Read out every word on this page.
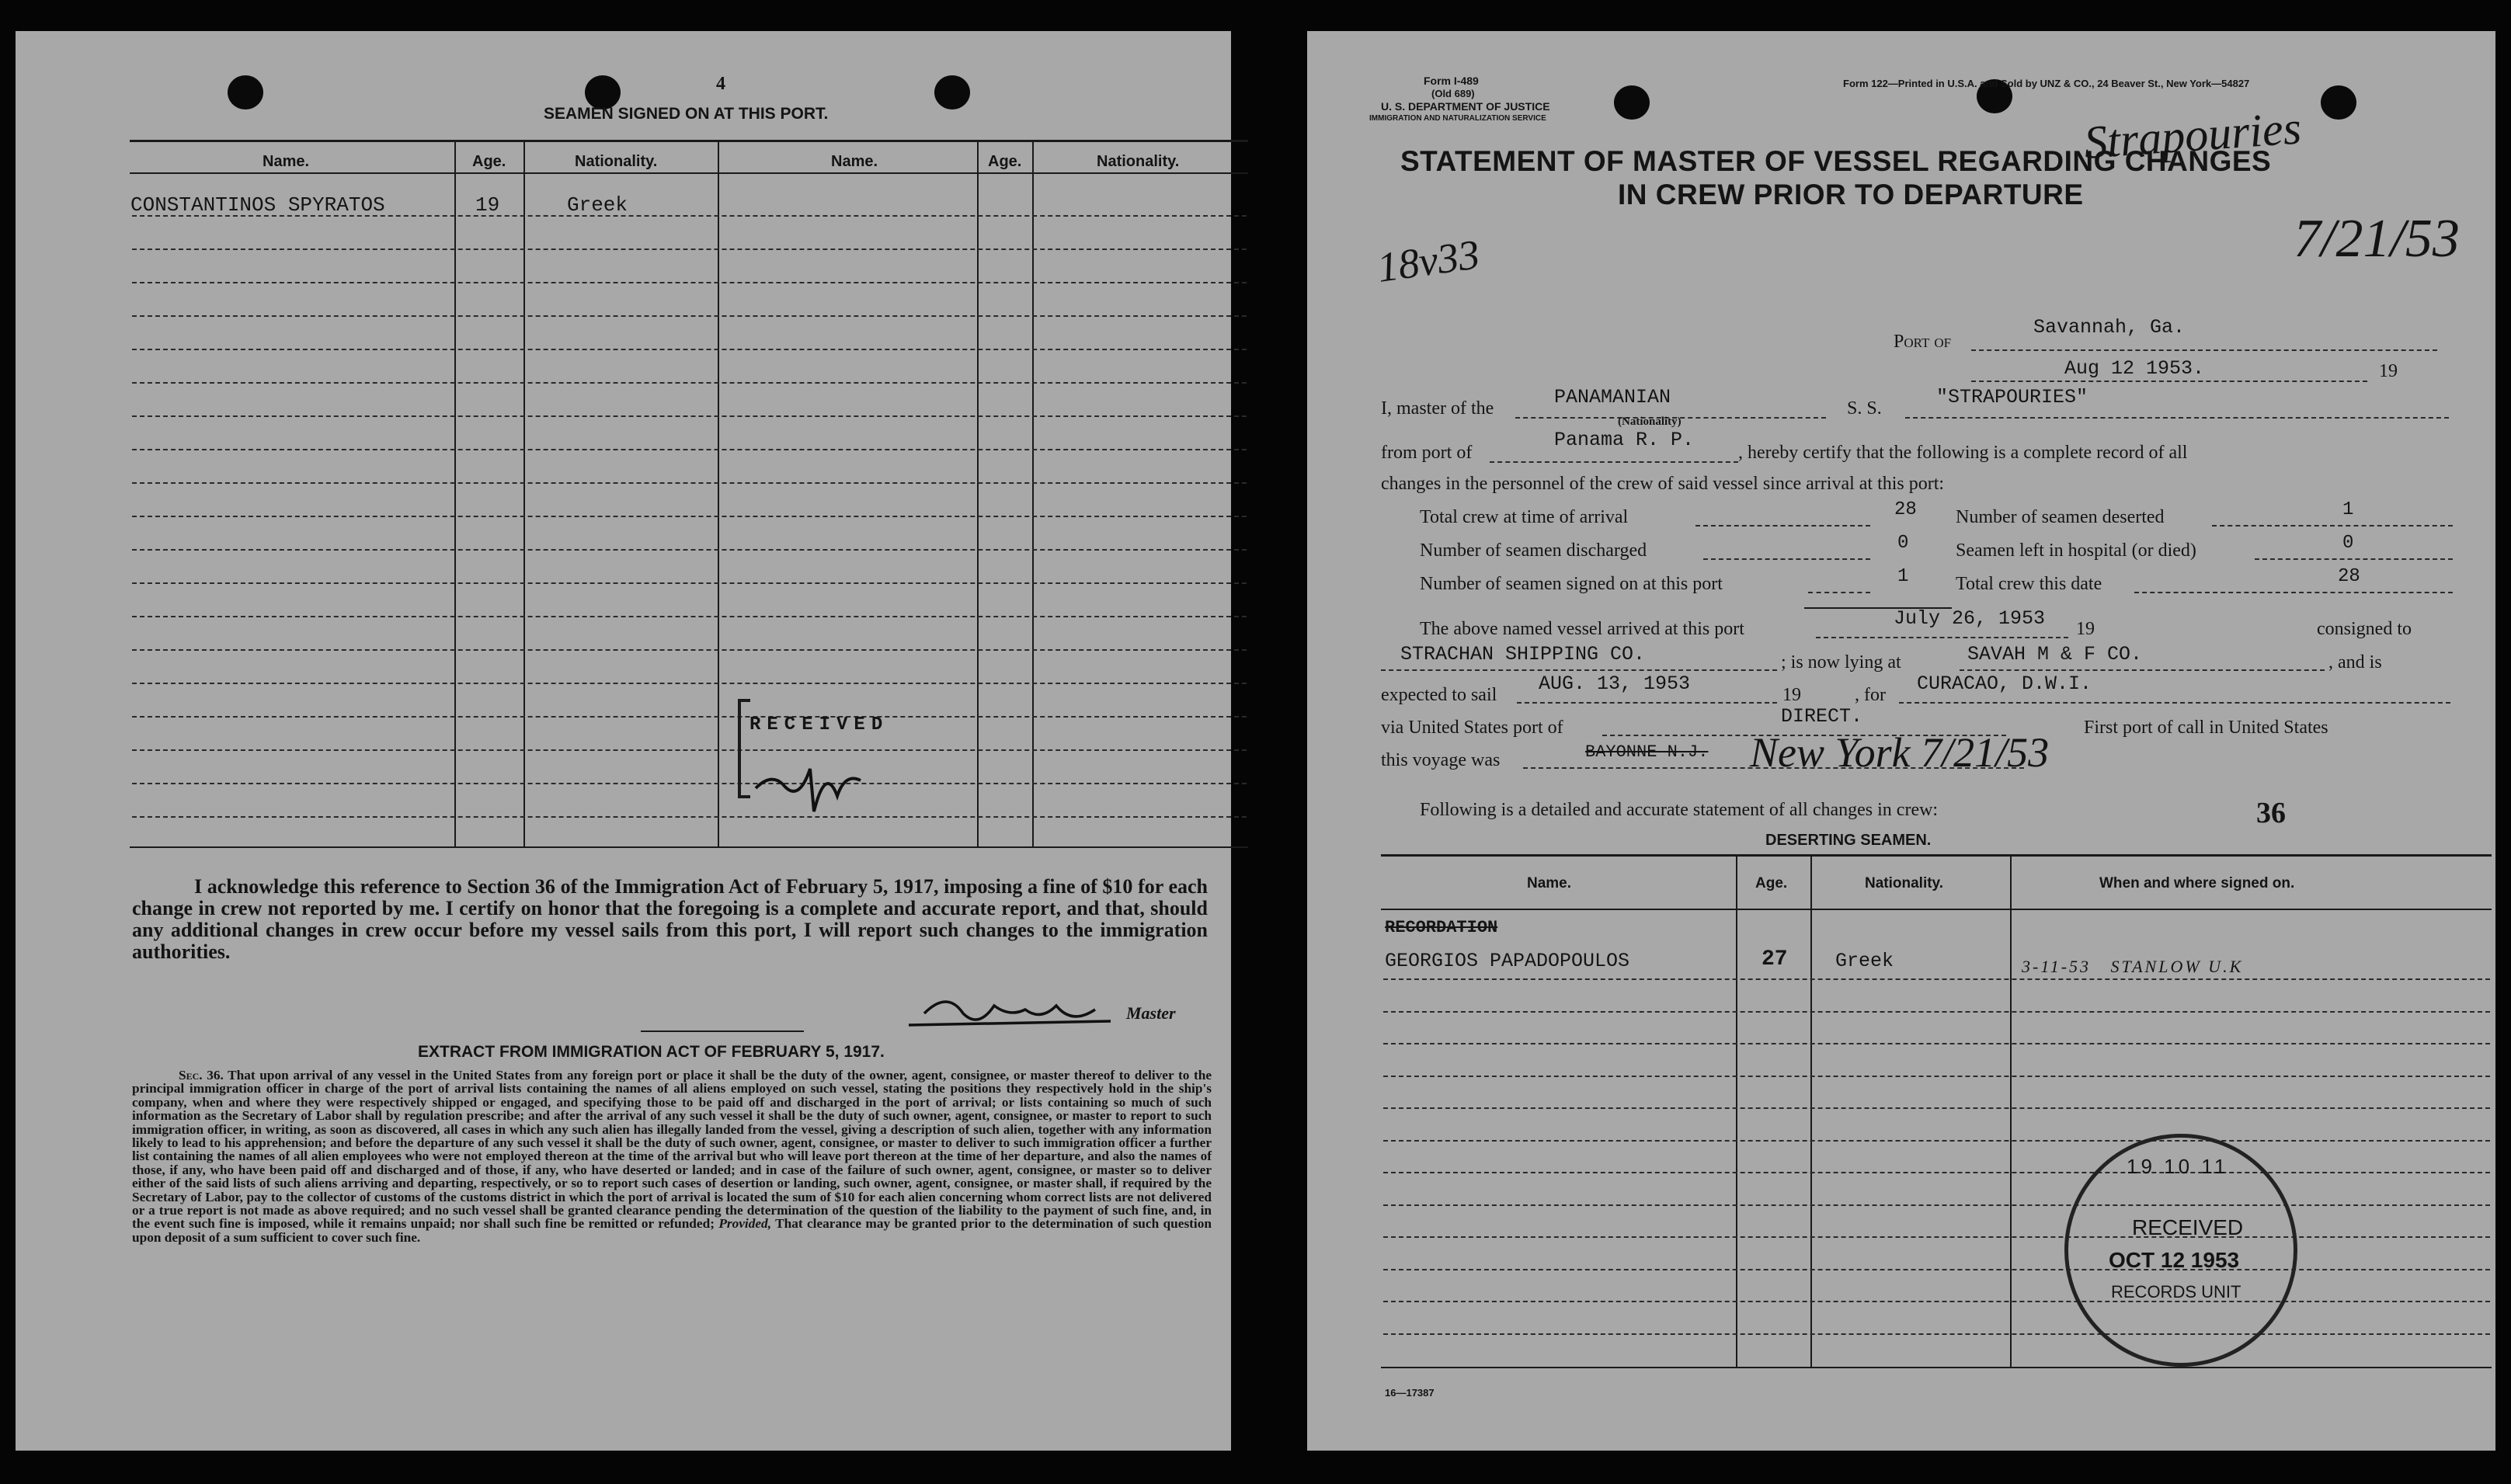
4
SEAMEN SIGNED ON AT THIS PORT.
Name.	Age.	Nationality.	Name.	Age.	Nationality.
CONSTANTINOS SPYRATOS	19	Greek
RECEIVED
I acknowledge this reference to Section 36 of the Immigration Act of February 5, 1917, imposing a fine of $10 for each change in crew not reported by me. I certify on honor that the foregoing is a complete and accurate report, and that, should any additional changes in crew occur before my vessel sails from this port, I will report such changes to the immigration authorities.
Master
EXTRACT FROM IMMIGRATION ACT OF FEBRUARY 5, 1917.
Sec. 36. That upon arrival of any vessel in the United States from any foreign port or place it shall be the duty of the owner, agent, consignee, or master thereof to deliver to the principal immigration officer in charge of the port of arrival lists containing the names of all aliens employed on such vessel, stating the positions they respectively hold in the ship's company, when and where they were respectively shipped or engaged, and specifying those to be paid off and discharged in the port of arrival; or lists containing so much of such information as the Secretary of Labor shall by regulation prescribe; and after the arrival of any such vessel it shall be the duty of such owner, agent, consignee, or master to report to such immigration officer, in writing, as soon as discovered, all cases in which any such alien has illegally landed from the vessel, giving a description of such alien, together with any information likely to lead to his apprehension; and before the departure of any such vessel it shall be the duty of such owner, agent, consignee, or master to deliver to such immigration officer a further list containing the names of all alien employees who were not employed thereon at the time of the arrival but who will leave port thereon at the time of her departure, and also the names of those, if any, who have been paid off and discharged and of those, if any, who have deserted or landed; and in case of the failure of such owner, agent, consignee, or master so to deliver either of the said lists of such aliens arriving and departing, respectively, or so to report such cases of desertion or landing, such owner, agent, consignee, or master shall, if required by the Secretary of Labor, pay to the collector of customs of the customs district in which the port of arrival is located the sum of $10 for each alien concerning whom correct lists are not delivered or a true report is not made as above required; and no such vessel shall be granted clearance pending the determination of the question of the liability to the payment of such fine, and, in the event such fine is imposed, while it remains unpaid; nor shall such fine be remitted or refunded; Provided, That clearance may be granted prior to the determination of such question upon deposit of a sum sufficient to cover such fine.
Form I-489
(Old 689)
U. S. DEPARTMENT OF JUSTICE
IMMIGRATION AND NATURALIZATION SERVICE
Form 122—Printed in U.S.A. and Sold by UNZ & CO., 24 Beaver St., New York—54827
STATEMENT OF MASTER OF VESSEL REGARDING CHANGES
IN CREW PRIOR TO DEPARTURE
Strapouries
7/21/53
18v33
Port of
Savannah, Ga.
Aug 12 1953.	19
I, master of the	PANAMANIAN
(Nationality)
S. S.	"STRAPOURIES"
from port of
Panama R. P.
, hereby certify that the following is a complete record of all
changes in the personnel of the crew of said vessel since arrival at this port:
Total crew at time of arrival	28
Number of seamen discharged	0
Number of seamen signed on at this port	1
Number of seamen deserted	1
Seamen left in hospital (or died)	0
Total crew this date	28
The above named vessel arrived at this port	July 26, 1953 19	consigned to
STRACHAN SHIPPING CO.	; is now lying at	SAVAH M & F CO.	, and is
expected to sail AUG. 13, 1953	19	, for CURACAO, D.W.I.
via United States port of	DIRECT.	First port of call in United States
this voyage was	BAYONNE N.J. New York 7/21/53
Following is a detailed and accurate statement of all changes in crew:	36
DESERTING SEAMEN.
Name.	Age.	Nationality.	When and where signed on.
RECORDATION
GEORGIOS PAPADOPOULOS	27 Greek	3-11-53   STANLOW U.K
19 10 11
RECEIVED
OCT 12 1953
RECORDS UNIT
16—17387
